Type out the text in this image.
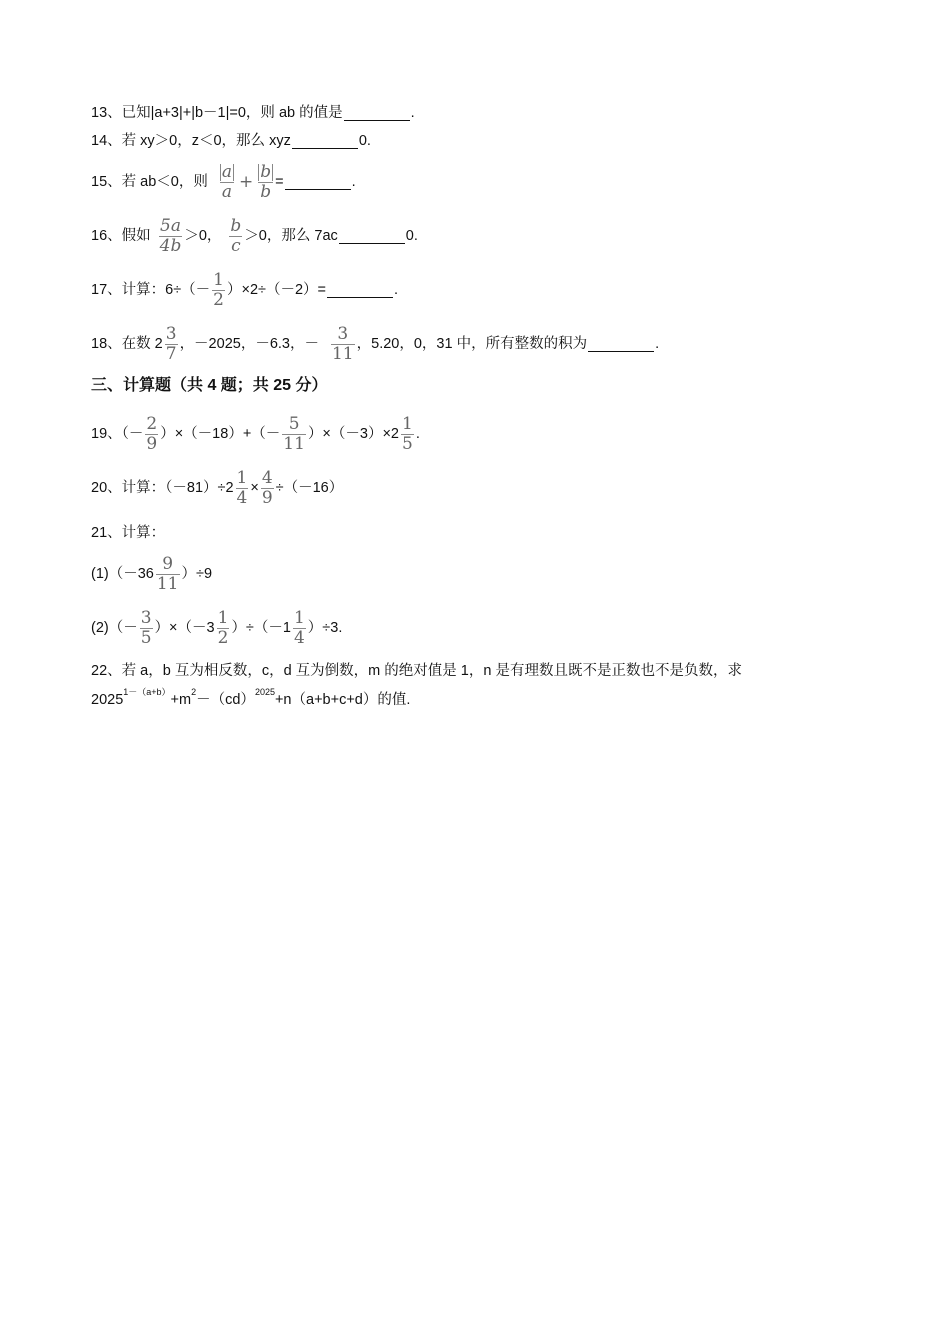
13、已知|a+3|+|b－1|=0，则 ab 的值是	.
14、若 xy＞0，z＜0，那么 xyz	0.
15、若 ab＜0，则 $\frac{a}{a} + \frac{b}{b}$ =	.
16、假如 $\frac{5a}{4b} >0$， $\frac{b}{c} >0$，那么 7ac	0.
17、计算：$6\div(- \frac{1}{2} )\times 2\div(-2)=$	.
18、在数 $2 \frac{3}{7}$ ，－2025，－6.3，－ $\frac{3}{11}$ ，5.20，0，31 中，所有整数的积为	.
三、计算题（共 4 题；共 25 分）
19、（－ $\frac{2}{9} )\times(-18)+(- \frac{5}{11} )\times(-3)\times 2 \frac{1}{5}$ .
20、计算：$(-81)\div 2 \frac{1}{4} \times \frac{4}{9} \div(-16)$
21、计算：
$(1)(-36 \frac{9}{11} )\div 9$
$(2)(- \frac{3}{5} )\times(-3 \frac{1}{2} )\div(-1 \frac{1}{4} )\div 3$.
22、若 a，b 互为相反数，c，d 互为倒数，m 的绝对值是 1，n 是有理数且既不是正数也不是负数，求
$2025^{1-(a+b)}+m^2-(cd)^{2025}+n(a+b+c+d)$的值.
